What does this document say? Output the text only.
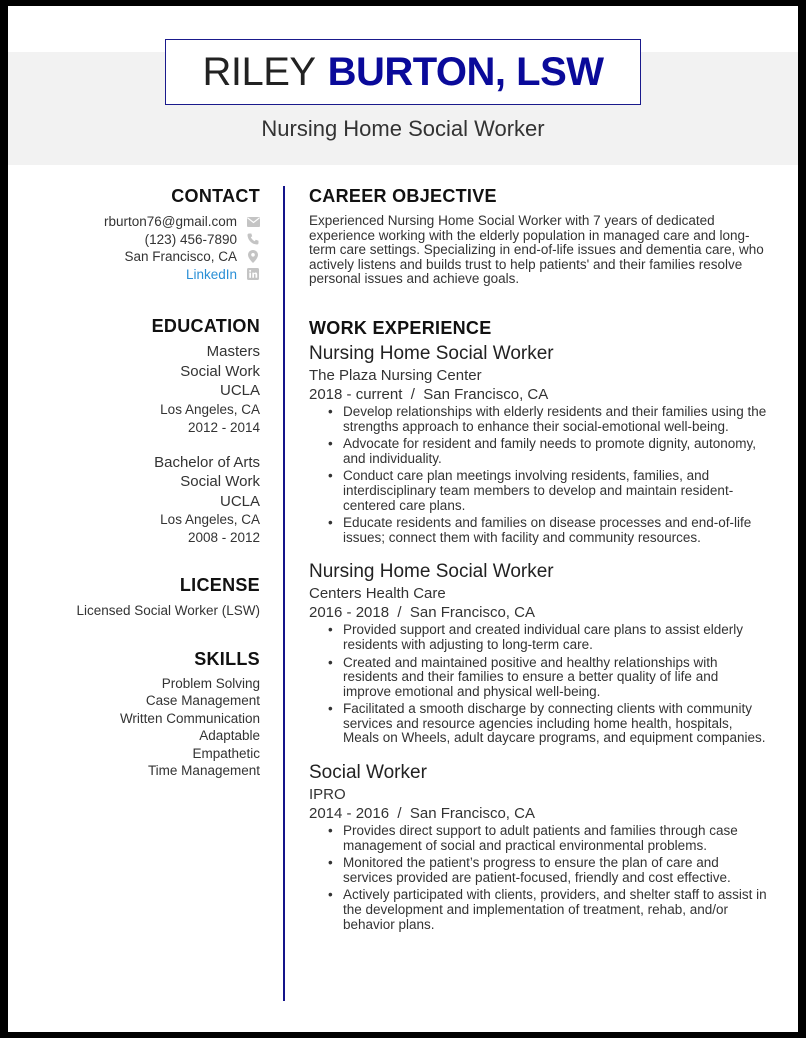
RILEY BURTON, LSW
Nursing Home Social Worker
CONTACT
rburton76@gmail.com
(123) 456-7890
San Francisco, CA
LinkedIn
EDUCATION
Masters
Social Work
UCLA
Los Angeles, CA
2012 - 2014
Bachelor of Arts
Social Work
UCLA
Los Angeles, CA
2008 - 2012
LICENSE
Licensed Social Worker (LSW)
SKILLS
Problem Solving
Case Management
Written Communication
Adaptable
Empathetic
Time Management
CAREER OBJECTIVE
Experienced Nursing Home Social Worker with 7 years of dedicated experience working with the elderly population in managed care and long-term care settings. Specializing in end-of-life issues and dementia care, who actively listens and builds trust to help patients' and their families resolve personal issues and achieve goals.
WORK EXPERIENCE
Nursing Home Social Worker
The Plaza Nursing Center
2018 - current  /  San Francisco, CA
• Develop relationships with elderly residents and their families using the strengths approach to enhance their social-emotional well-being.
• Advocate for resident and family needs to promote dignity, autonomy, and individuality.
• Conduct care plan meetings involving residents, families, and interdisciplinary team members to develop and maintain resident-centered care plans.
• Educate residents and families on disease processes and end-of-life issues; connect them with facility and community resources.
Nursing Home Social Worker
Centers Health Care
2016 - 2018  /  San Francisco, CA
• Provided support and created individual care plans to assist elderly residents with adjusting to long-term care.
• Created and maintained positive and healthy relationships with residents and their families to ensure a better quality of life and improve emotional and physical well-being.
• Facilitated a smooth discharge by connecting clients with community services and resource agencies including home health, hospitals, Meals on Wheels, adult daycare programs, and equipment companies.
Social Worker
IPRO
2014 - 2016  /  San Francisco, CA
• Provides direct support to adult patients and families through case management of social and practical environmental problems.
• Monitored the patient’s progress to ensure the plan of care and services provided are patient-focused, friendly and cost effective.
• Actively participated with clients, providers, and shelter staff to assist in the development and implementation of treatment, rehab, and/or behavior plans.
